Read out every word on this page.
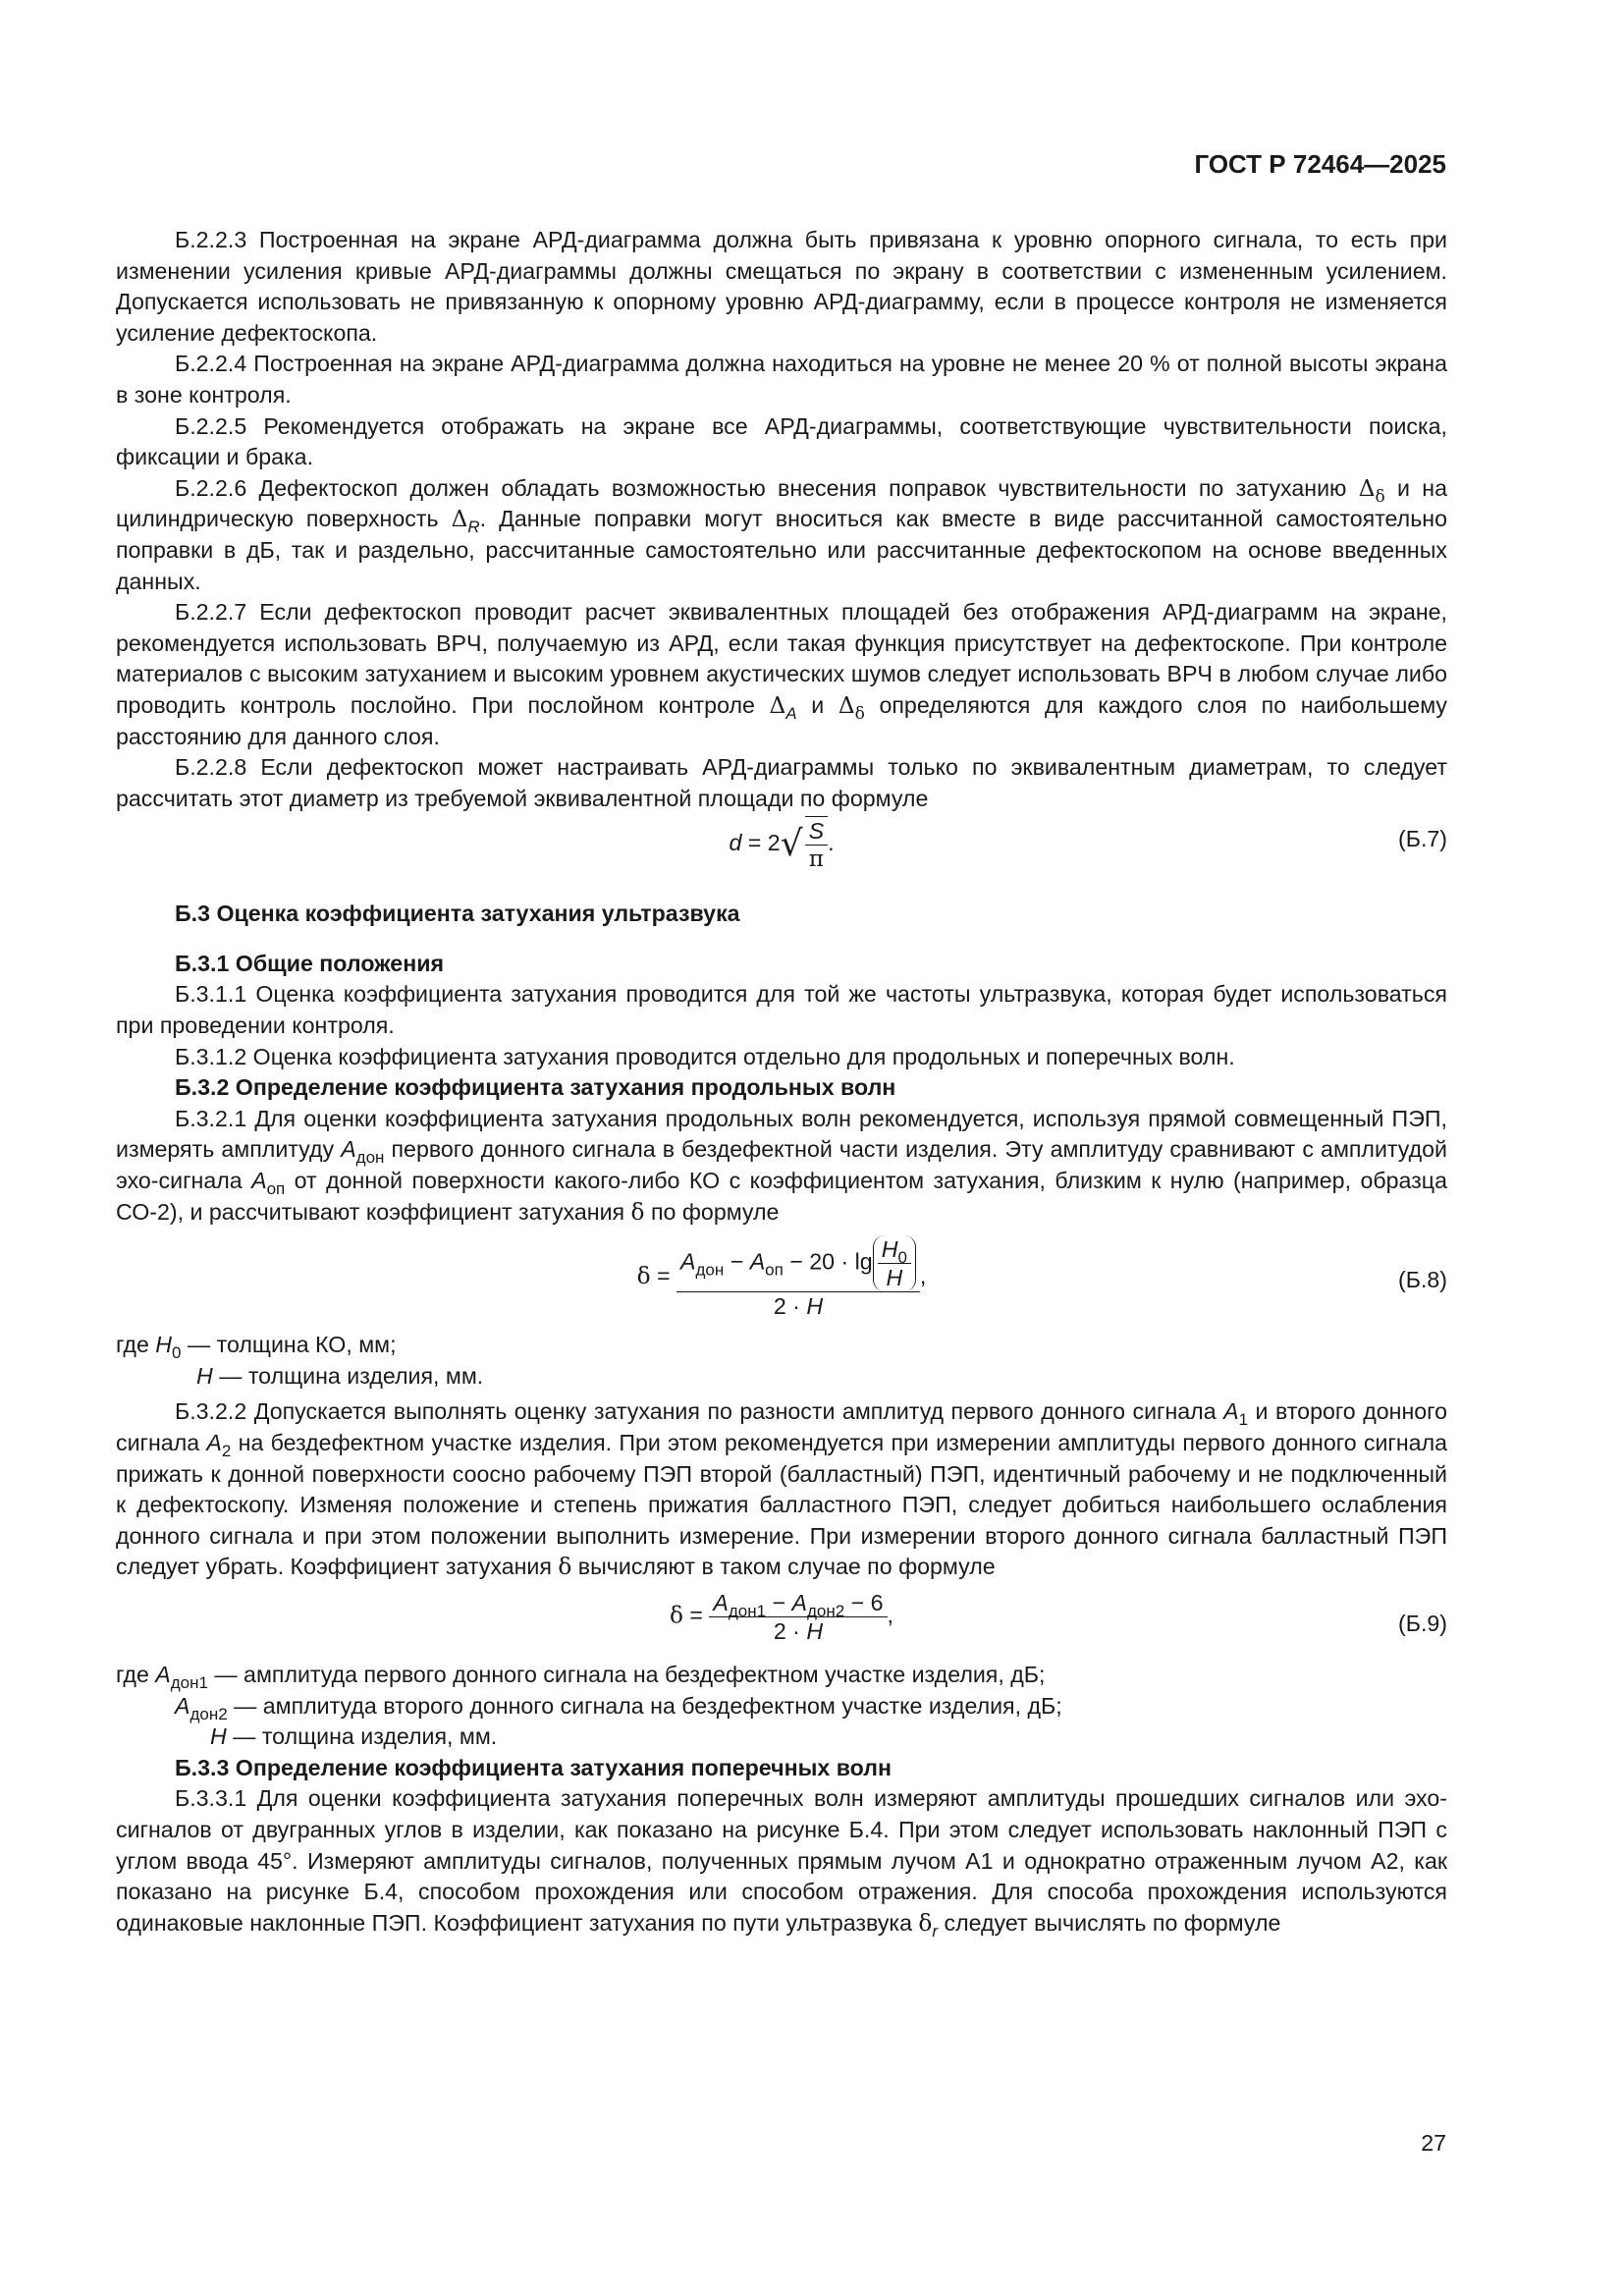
ГОСТ Р 72464—2025

Б.2.2.3 Построенная на экране АРД-диаграмма должна быть привязана к уровню опорного сигнала, то есть при изменении усиления кривые АРД-диаграммы должны смещаться по экрану в соответствии с измененным усилением. Допускается использовать не привязанную к опорному уровню АРД-диаграмму, если в процессе контроля не изменяется усиление дефектоскопа.

Б.2.2.4 Построенная на экране АРД-диаграмма должна находиться на уровне не менее 20 % от полной высоты экрана в зоне контроля.

Б.2.2.5 Рекомендуется отображать на экране все АРД-диаграммы, соответствующие чувствительности поиска, фиксации и брака.

Б.2.2.6 Дефектоскоп должен обладать возможностью внесения поправок чувствительности по затуханию $\Delta_\delta$ и на цилиндрическую поверхность $\Delta_R$. Данные поправки могут вноситься как вместе в виде рассчитанной самостоятельно поправки в дБ, так и раздельно, рассчитанные самостоятельно или рассчитанные дефектоскопом на основе введенных данных.

Б.2.2.7 Если дефектоскоп проводит расчет эквивалентных площадей без отображения АРД-диаграмм на экране, рекомендуется использовать ВРЧ, получаемую из АРД, если такая функция присутствует на дефектоскопе. При контроле материалов с высоким затуханием и высоким уровнем акустических шумов следует использовать ВРЧ в любом случае либо проводить контроль послойно. При послойном контроле $\Delta_A$ и $\Delta_\delta$ определяются для каждого слоя по наибольшему расстоянию для данного слоя.

Б.2.2.8 Если дефектоскоп может настраивать АРД-диаграммы только по эквивалентным диаметрам, то следует рассчитать этот диаметр из требуемой эквивалентной площади по формуле

$d = 2√ \frac{S}{\pi}$ .	(Б.7)

Б.3 Оценка коэффициента затухания ультразвука

Б.3.1 Общие положения

Б.3.1.1 Оценка коэффициента затухания проводится для той же частоты ультразвука, которая будет использоваться при проведении контроля.

Б.3.1.2 Оценка коэффициента затухания проводится отдельно для продольных и поперечных волн.

Б.3.2 Определение коэффициента затухания продольных волн

Б.3.2.1 Для оценки коэффициента затухания продольных волн рекомендуется, используя прямой совмещенный ПЭП, измерять амплитуду $A_{дон}$ первого донного сигнала в бездефектной части изделия. Эту амплитуду сравнивают с амплитудой эхо-сигнала $A_{оп}$ от донной поверхности какого-либо КО с коэффициентом затухания, близким к нулю (например, образца СО-2), и рассчитывают коэффициент затухания δ по формуле

$\delta = \frac{A_{дон} - A_{оп} - 20 \cdot \lg \frac{H_0}{H}}{2 \cdot H}$ ,	(Б.8)

где $H_0$ — толщина КО, мм;

H — толщина изделия, мм.

Б.3.2.2 Допускается выполнять оценку затухания по разности амплитуд первого донного сигнала $A_1$ и второго донного сигнала $A_2$ на бездефектном участке изделия. При этом рекомендуется при измерении амплитуды первого донного сигнала прижать к донной поверхности соосно рабочему ПЭП второй (балластный) ПЭП, идентичный рабочему и не подключенный к дефектоскопу. Изменяя положение и степень прижатия балластного ПЭП, следует добиться наибольшего ослабления донного сигнала и при этом положении выполнить измерение. При измерении второго донного сигнала балластный ПЭП следует убрать. Коэффициент затухания δ вычисляют в таком случае по формуле

$\delta = \frac{A_{дон1} - A_{дон2} - 6}{2 \cdot H}$ ,	(Б.9)

где $A_{дон1}$ — амплитуда первого донного сигнала на бездефектном участке изделия, дБ;

$A_{дон2}$ — амплитуда второго донного сигнала на бездефектном участке изделия, дБ;

H — толщина изделия, мм.

Б.3.3 Определение коэффициента затухания поперечных волн

Б.3.3.1 Для оценки коэффициента затухания поперечных волн измеряют амплитуды прошедших сигналов или эхо-сигналов от двугранных углов в изделии, как показано на рисунке Б.4. При этом следует использовать наклонный ПЭП с углом ввода 45°. Измеряют амплитуды сигналов, полученных прямым лучом А1 и однократно отраженным лучом А2, как показано на рисунке Б.4, способом прохождения или способом отражения. Для способа прохождения используются одинаковые наклонные ПЭП. Коэффициент затухания по пути ультразвука $\delta_r$ следует вычислять по формуле

27
